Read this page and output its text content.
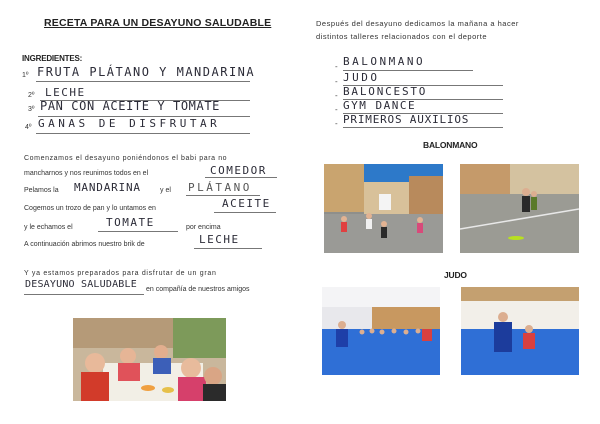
RECETA PARA UN DESAYUNO SALUDABLE
INGREDIENTES:
1º FRUTA PLÁTANO Y MANDARINA
2º LECHE
3º PAN CON ACEITE Y TOMATE
4º GANAS DE DISFRUTAR
Comenzamos el desayuno poniéndonos el babi para no
mancharnos y nos reunimos todos en el	COMEDOR
Pelamos la MANDARINA	y el PLÁTANO
Cogemos un trozo de pan y lo untamos en	ACEITE
y le echamos el	TOMATE	por encima
A continuación abrimos nuestro brik de	LECHE
Y ya estamos preparados para disfrutar de un gran
DESAYUNO SALUDABLE en compañía de nuestros amigos
Después del desayuno dedicamos la mañana a hacer
distintos talleres relacionados con el deporte
- BALONMANO
- JUDO
- BALONCESTO
- GYM DANCE
- PRIMEROS AUXILIOS
BALONMANO
JUDO
